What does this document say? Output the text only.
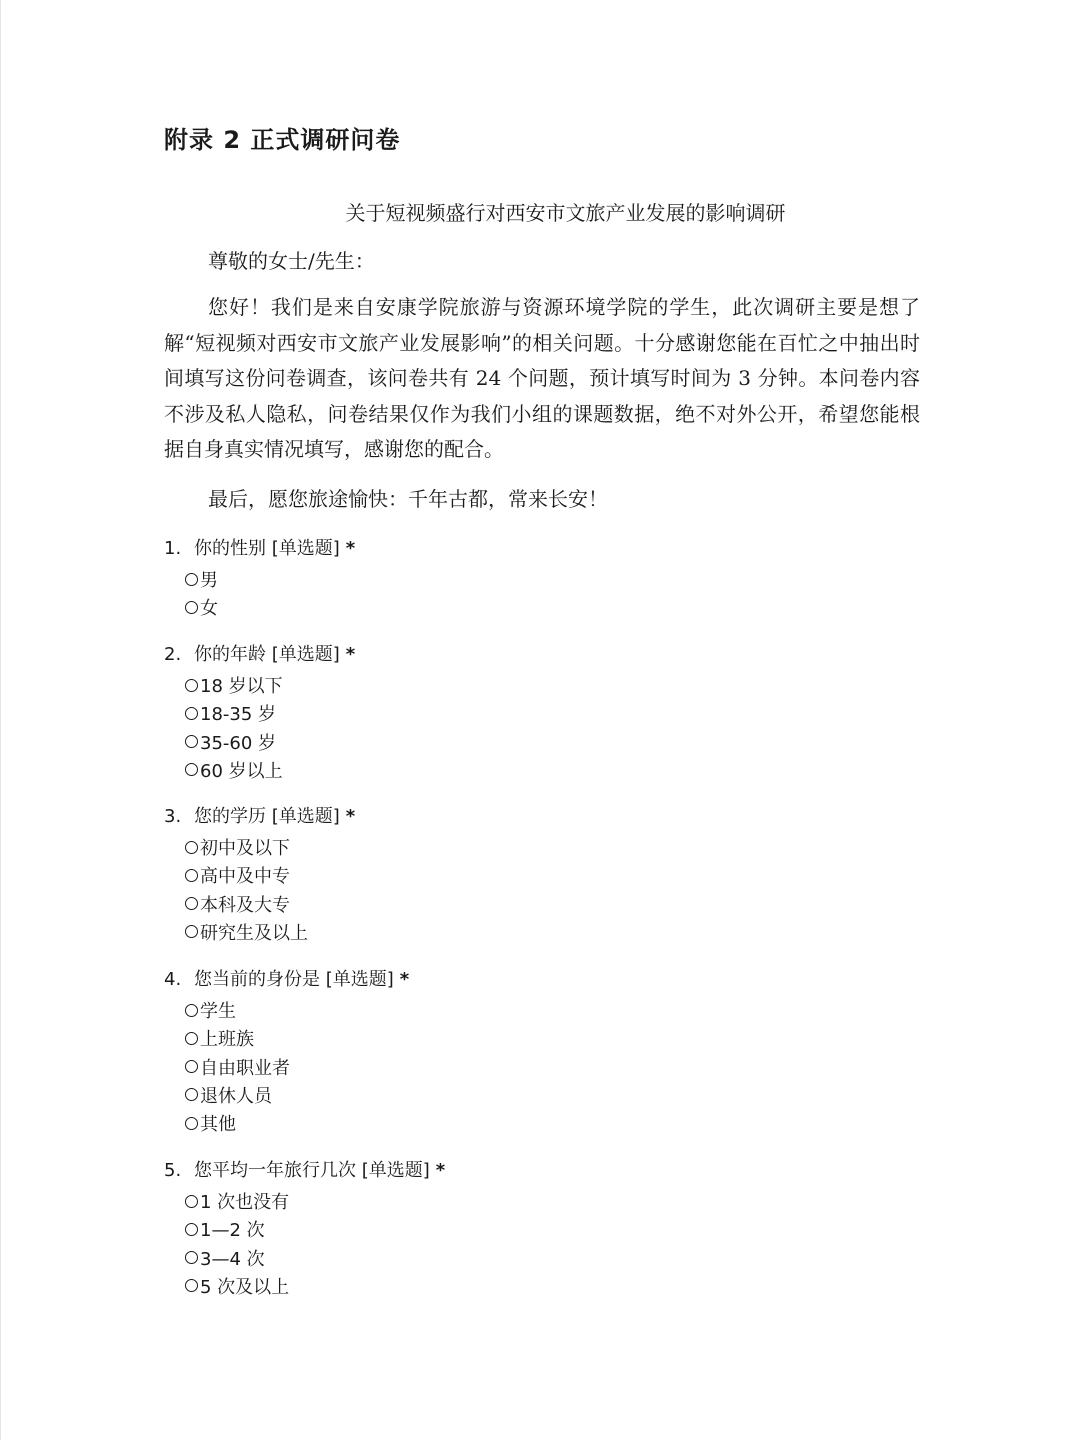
附录 2 正式调研问卷
关于短视频盛行对西安市文旅产业发展的影响调研

尊敬的女士/先生：

您好！我们是来自安康学院旅游与资源环境学院的学生，此次调研主要是想了解“短视频对西安市文旅产业发展影响”的相关问题。十分感谢您能在百忙之中抽出时间填写这份问卷调查，该问卷共有 24 个问题，预计填写时间为 3 分钟。本问卷内容不涉及私人隐私，问卷结果仅作为我们小组的课题数据，绝不对外公开，希望您能根据自身真实情况填写，感谢您的配合。

最后，愿您旅途愉快：千年古都，常来长安！

1. 你的性别 [单选题] *
男
女
2. 你的年龄 [单选题] *
18 岁以下
18-35 岁
35-60 岁
60 岁以上
3. 您的学历 [单选题] *
初中及以下
高中及中专
本科及大专
研究生及以上
4. 您当前的身份是 [单选题] *
学生
上班族
自由职业者
退休人员
其他
5. 您平均一年旅行几次 [单选题] *
1 次也没有
1—2 次
3—4 次
5 次及以上
